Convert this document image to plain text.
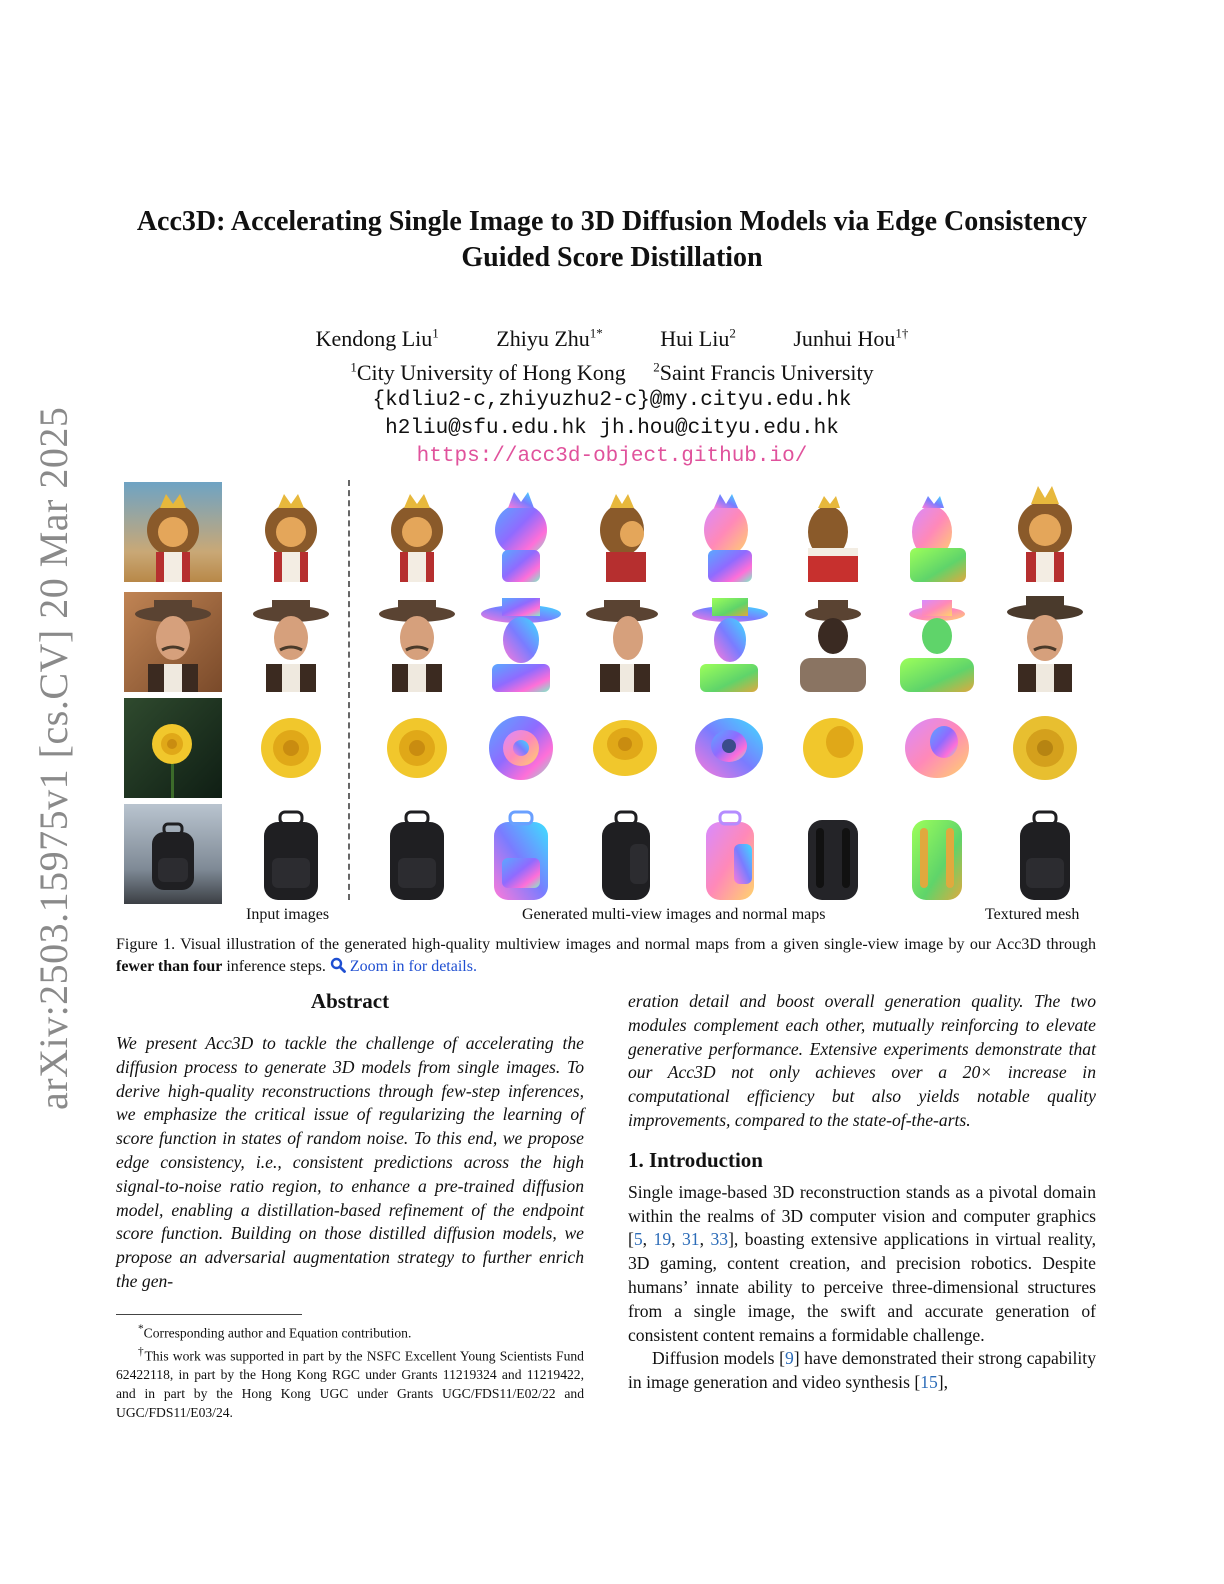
arXiv:2503.15975v1 [cs.CV] 20 Mar 2025
Acc3D: Accelerating Single Image to 3D Diffusion Models via Edge Consistency
Guided Score Distillation
Kendong Liu$^1$	Zhiyu Zhu$^{1*}$	Hui Liu$^2$	Junhui Hou$^{1\dagger}$
$^1$City University of Hong Kong $^2$Saint Francis University
{kdliu2-c,zhiyuzhu2-c}@my.cityu.edu.hk
h2liu@sfu.edu.hk jh.hou@cityu.edu.hk
https://acc3d-object.github.io/
Input images	Generated multi-view images and normal maps	Textured mesh
Figure 1. Visual illustration of the generated high-quality multiview images and normal maps from a given single-view image by our Acc3D through fewer than four inference steps.  Zoom in for details.
Abstract
We present Acc3D to tackle the challenge of accelerating the diffusion process to generate 3D models from single images. To derive high-quality reconstructions through few-step inferences, we emphasize the critical issue of regularizing the learning of score function in states of random noise. To this end, we propose edge consistency, i.e., consistent predictions across the high signal-to-noise ratio region, to enhance a pre-trained diffusion model, enabling a distillation-based refinement of the endpoint score function. Building on those distilled diffusion models, we propose an adversarial augmentation strategy to further enrich the gen-

*Corresponding author and Equation contribution.

†This work was supported in part by the NSFC Excellent Young Scientists Fund 62422118, in part by the Hong Kong RGC under Grants 11219324 and 11219422, and in part by the Hong Kong UGC under Grants UGC/FDS11/E02/22 and UGC/FDS11/E03/24.

eration detail and boost overall generation quality. The two modules complement each other, mutually reinforcing to elevate generative performance. Extensive experiments demonstrate that our Acc3D not only achieves over a 20× increase in computational efficiency but also yields notable quality improvements, compared to the state-of-the-arts.
1. Introduction
Single image-based 3D reconstruction stands as a pivotal domain within the realms of 3D computer vision and computer graphics [5, 19, 31, 33], boasting extensive applications in virtual reality, 3D gaming, content creation, and precision robotics. Despite humans’ innate ability to perceive three-dimensional structures from a single image, the swift and accurate generation of consistent content remains a formidable challenge.
Diffusion models [9] have demonstrated their strong capability in image generation and video synthesis [15],
